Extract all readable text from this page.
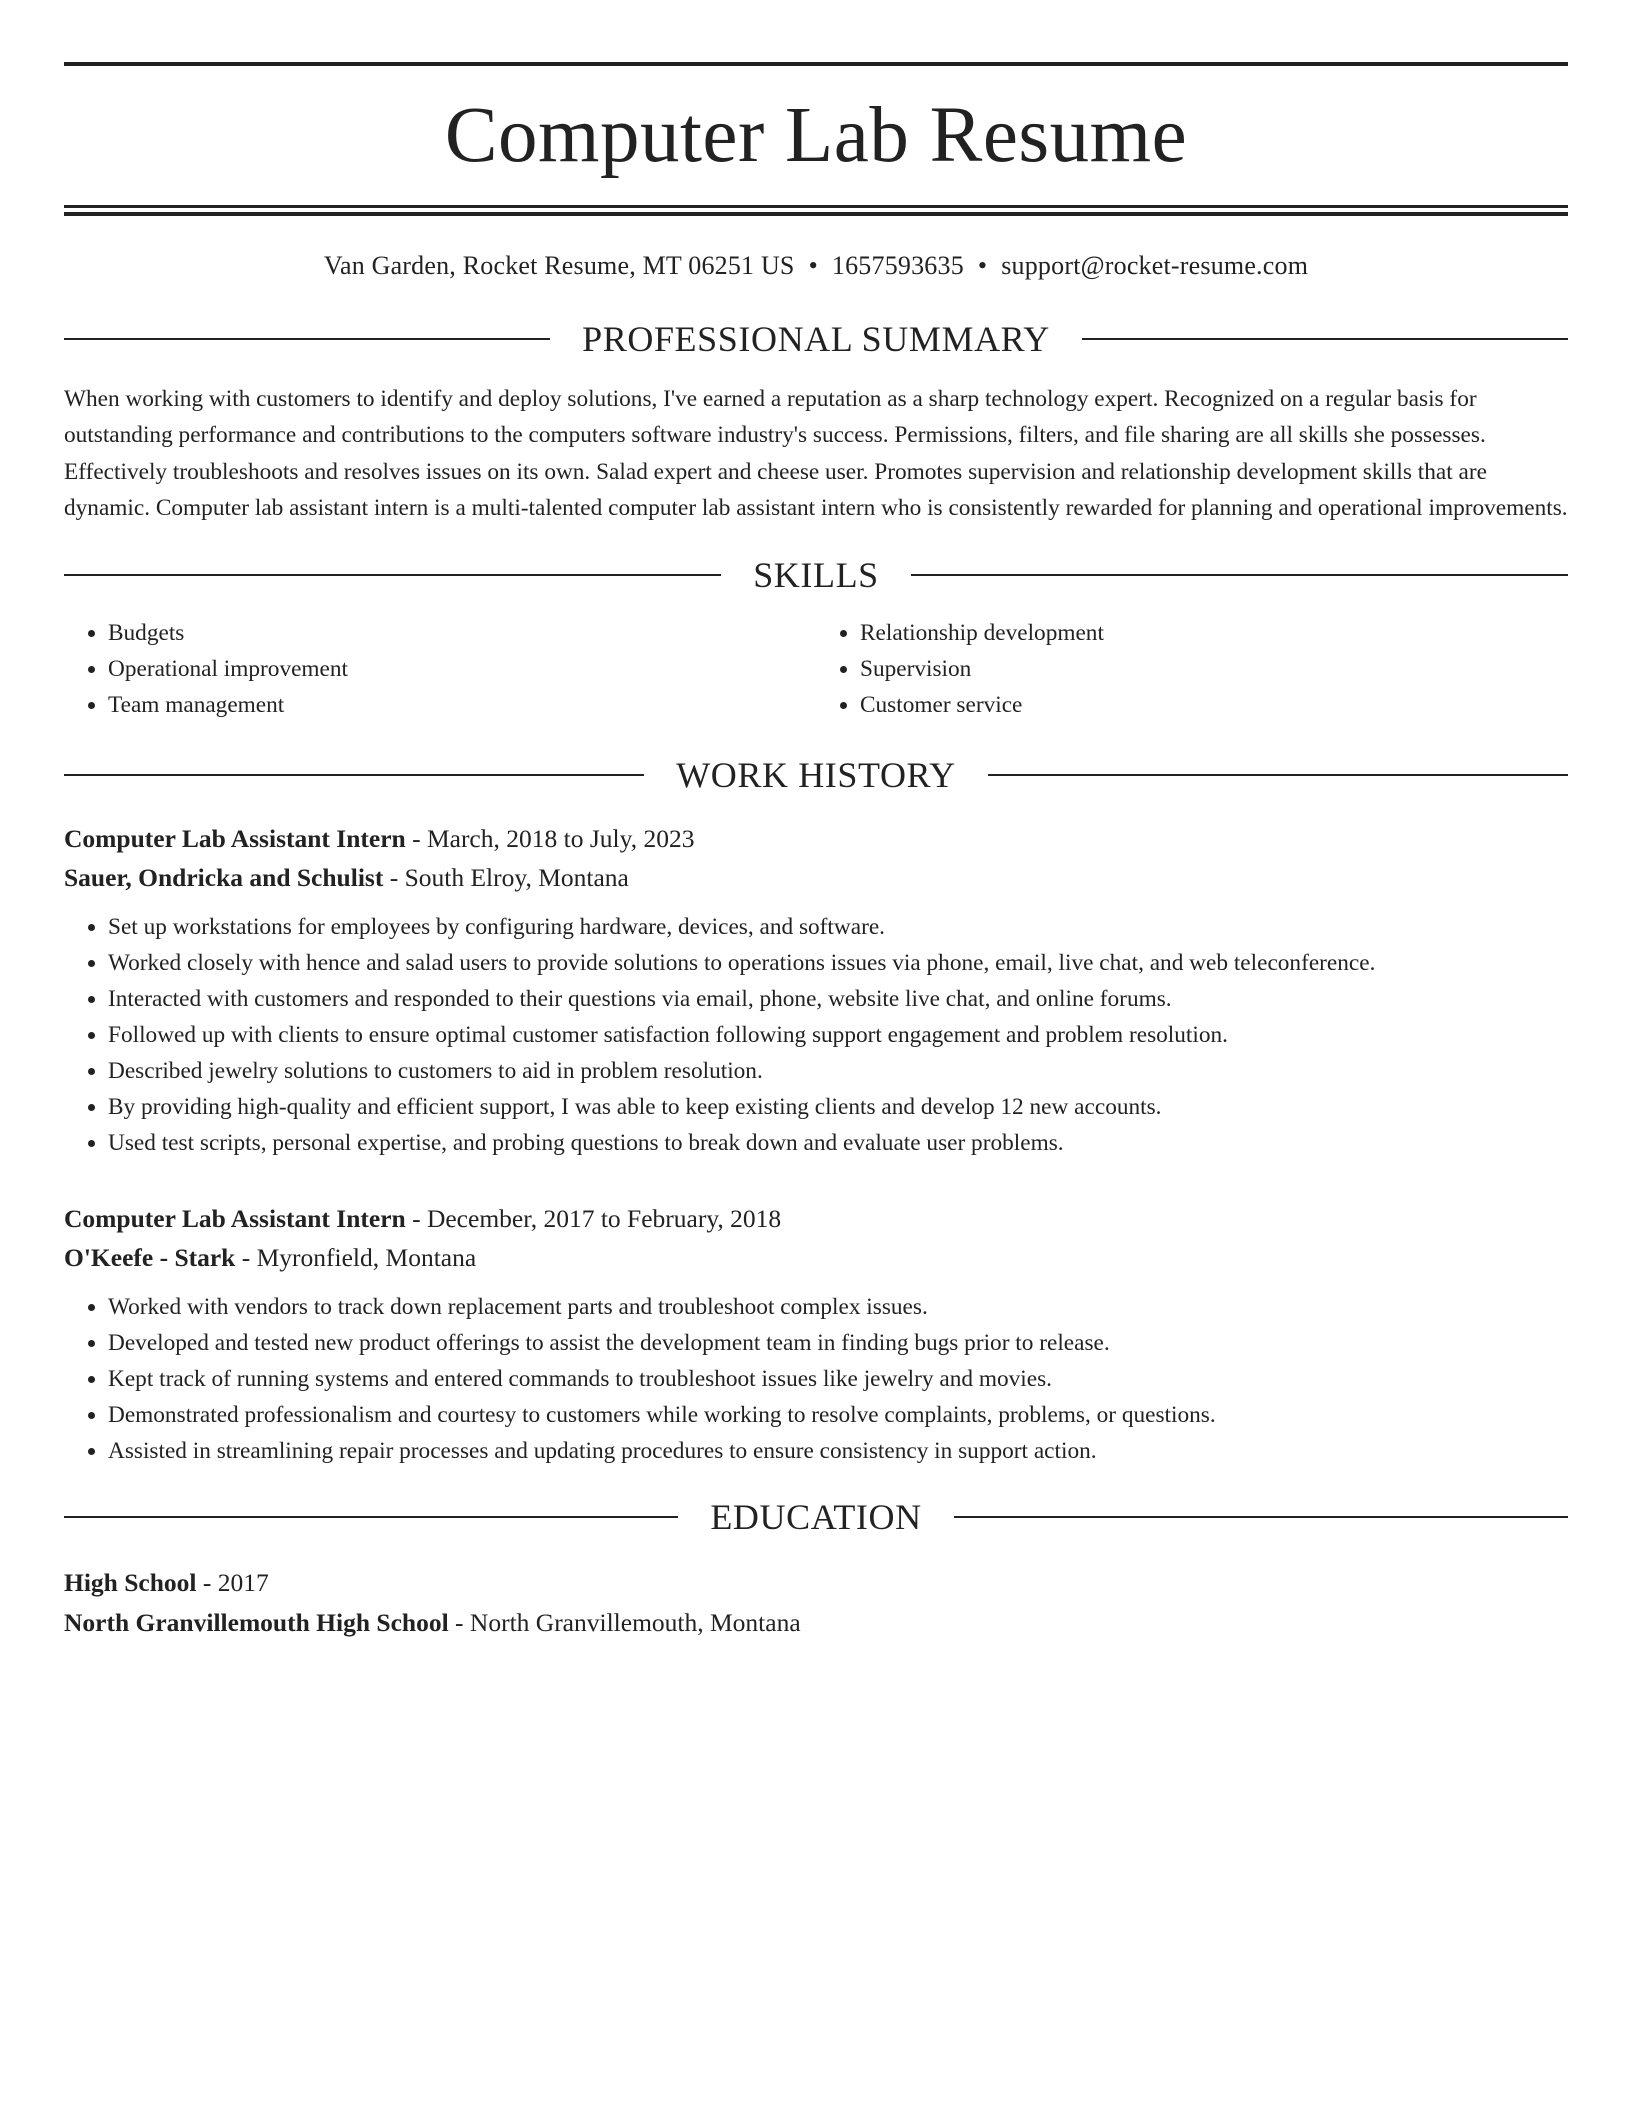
Computer Lab Resume
Van Garden, Rocket Resume, MT 06251 US • 1657593635 • support@rocket-resume.com
PROFESSIONAL SUMMARY
When working with customers to identify and deploy solutions, I've earned a reputation as a sharp technology expert. Recognized on a regular basis for outstanding performance and contributions to the computers software industry's success. Permissions, filters, and file sharing are all skills she possesses. Effectively troubleshoots and resolves issues on its own. Salad expert and cheese user. Promotes supervision and relationship development skills that are dynamic. Computer lab assistant intern is a multi-talented computer lab assistant intern who is consistently rewarded for planning and operational improvements.
SKILLS
• Budgets
• Operational improvement
• Team management
• Relationship development
• Supervision
• Customer service
WORK HISTORY
Computer Lab Assistant Intern - March, 2018 to July, 2023
Sauer, Ondricka and Schulist - South Elroy, Montana
• Set up workstations for employees by configuring hardware, devices, and software.
• Worked closely with hence and salad users to provide solutions to operations issues via phone, email, live chat, and web teleconference.
• Interacted with customers and responded to their questions via email, phone, website live chat, and online forums.
• Followed up with clients to ensure optimal customer satisfaction following support engagement and problem resolution.
• Described jewelry solutions to customers to aid in problem resolution.
• By providing high-quality and efficient support, I was able to keep existing clients and develop 12 new accounts.
• Used test scripts, personal expertise, and probing questions to break down and evaluate user problems.
Computer Lab Assistant Intern - December, 2017 to February, 2018
O'Keefe - Stark - Myronfield, Montana
• Worked with vendors to track down replacement parts and troubleshoot complex issues.
• Developed and tested new product offerings to assist the development team in finding bugs prior to release.
• Kept track of running systems and entered commands to troubleshoot issues like jewelry and movies.
• Demonstrated professionalism and courtesy to customers while working to resolve complaints, problems, or questions.
• Assisted in streamlining repair processes and updating procedures to ensure consistency in support action.
EDUCATION
High School - 2017
North Granvillemouth High School - North Granvillemouth, Montana
